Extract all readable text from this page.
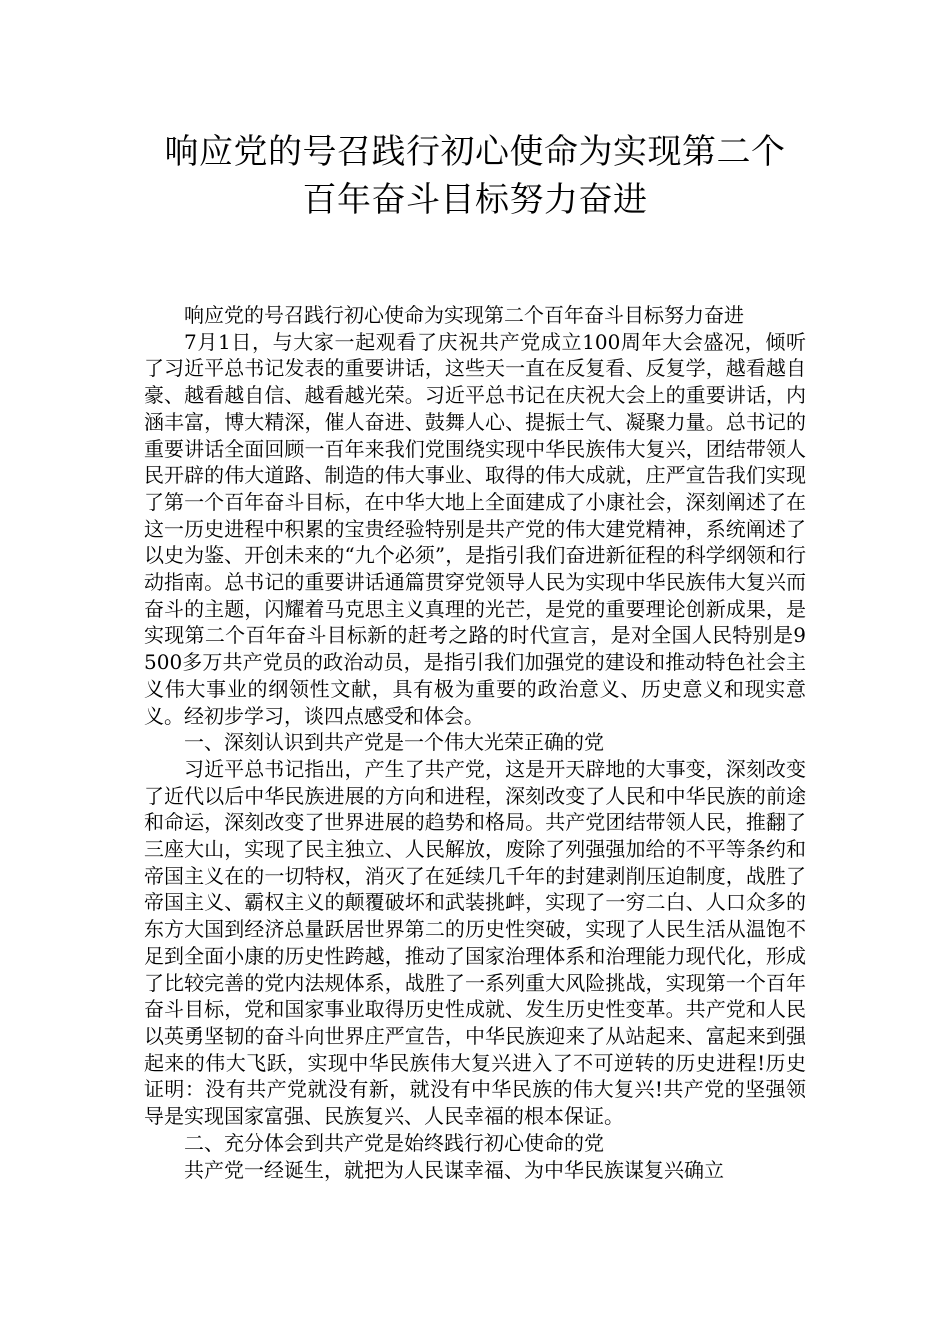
响应党的号召践行初心使命为实现第二个
百年奋斗目标努力奋进

响应党的号召践行初心使命为实现第二个百年奋斗目标努力奋进

7月1日，与大家一起观看了庆祝共产党成立100周年大会盛况，倾听了习近平总书记发表的重要讲话，这些天一直在反复看、反复学，越看越自豪、越看越自信、越看越光荣。习近平总书记在庆祝大会上的重要讲话，内涵丰富，博大精深，催人奋进、鼓舞人心、提振士气、凝聚力量。总书记的重要讲话全面回顾一百年来我们党围绕实现中华民族伟大复兴，团结带领人民开辟的伟大道路、制造的伟大事业、取得的伟大成就，庄严宣告我们实现了第一个百年奋斗目标，在中华大地上全面建成了小康社会，深刻阐述了在这一历史进程中积累的宝贵经验特别是共产党的伟大建党精神，系统阐述了以史为鉴、开创未来的“九个必须”，是指引我们奋进新征程的科学纲领和行动指南。总书记的重要讲话通篇贯穿党领导人民为实现中华民族伟大复兴而奋斗的主题，闪耀着马克思主义真理的光芒，是党的重要理论创新成果，是实现第二个百年奋斗目标新的赶考之路的时代宣言，是对全国人民特别是9500多万共产党员的政治动员，是指引我们加强党的建设和推动特色社会主义伟大事业的纲领性文献，具有极为重要的政治意义、历史意义和现实意义。经初步学习，谈四点感受和体会。

一、深刻认识到共产党是一个伟大光荣正确的党

习近平总书记指出，产生了共产党，这是开天辟地的大事变，深刻改变了近代以后中华民族进展的方向和进程，深刻改变了人民和中华民族的前途和命运，深刻改变了世界进展的趋势和格局。共产党团结带领人民，推翻了三座大山，实现了民主独立、人民解放，废除了列强强加给的不平等条约和帝国主义在的一切特权，消灭了在延续几千年的封建剥削压迫制度，战胜了帝国主义、霸权主义的颠覆破坏和武装挑衅，实现了一穷二白、人口众多的东方大国到经济总量跃居世界第二的历史性突破，实现了人民生活从温饱不足到全面小康的历史性跨越，推动了国家治理体系和治理能力现代化，形成了比较完善的党内法规体系，战胜了一系列重大风险挑战，实现第一个百年奋斗目标，党和国家事业取得历史性成就、发生历史性变革。共产党和人民以英勇坚韧的奋斗向世界庄严宣告，中华民族迎来了从站起来、富起来到强起来的伟大飞跃，实现中华民族伟大复兴进入了不可逆转的历史进程!历史证明：没有共产党就没有新，就没有中华民族的伟大复兴!共产党的坚强领导是实现国家富强、民族复兴、人民幸福的根本保证。

二、充分体会到共产党是始终践行初心使命的党

共产党一经诞生，就把为人民谋幸福、为中华民族谋复兴确立
